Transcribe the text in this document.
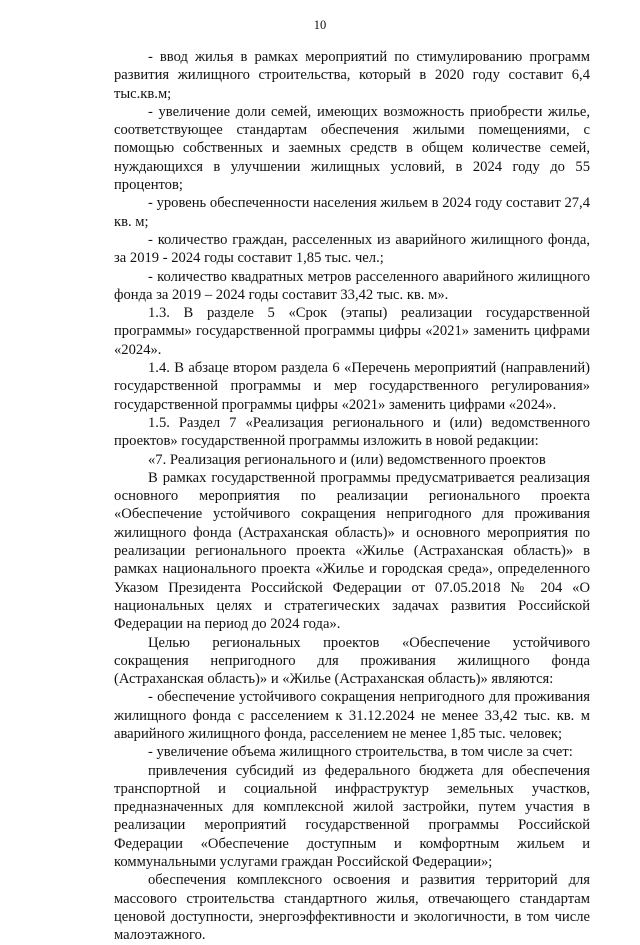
10

- ввод жилья в рамках мероприятий по стимулированию программ развития жилищного строительства, который в 2020 году составит 6,4 тыс.кв.м;

- увеличение доли семей, имеющих возможность приобрести жилье, соответствующее стандартам обеспечения жилыми помещениями, с помощью собственных и заемных средств в общем количестве семей, нуждающихся в улучшении жилищных условий, в 2024 году до 55 процентов;

- уровень обеспеченности населения жильем в 2024 году составит 27,4 кв. м;

- количество граждан, расселенных из аварийного жилищного фонда, за 2019 - 2024 годы составит 1,85 тыс. чел.;

- количество квадратных метров расселенного аварийного жилищного фонда за 2019 – 2024 годы составит 33,42 тыс. кв. м».

1.3. В разделе 5 «Срок (этапы) реализации государственной программы» государственной программы цифры «2021» заменить цифрами «2024».

1.4. В абзаце втором раздела 6 «Перечень мероприятий (направлений) государственной программы и мер государственного регулирования» государственной программы цифры «2021» заменить цифрами «2024».

1.5. Раздел 7 «Реализация регионального и (или) ведомственного проектов» государственной программы изложить в новой редакции:

«7. Реализация регионального и (или) ведомственного проектов

В рамках государственной программы предусматривается реализация основного мероприятия по реализации регионального проекта «Обеспечение устойчивого сокращения непригодного для проживания жилищного фонда (Астраханская область)» и основного мероприятия по реализации регионального проекта «Жилье (Астраханская область)» в рамках национального проекта «Жилье и городская среда», определенного Указом Президента Российской Федерации от 07.05.2018 № 204 «О национальных целях и стратегических задачах развития Российской Федерации на период до 2024 года».

Целью региональных проектов «Обеспечение устойчивого сокращения непригодного для проживания жилищного фонда (Астраханская область)» и «Жилье (Астраханская область)» являются:

- обеспечение устойчивого сокращения непригодного для проживания жилищного фонда с расселением к 31.12.2024 не менее 33,42 тыс. кв. м аварийного жилищного фонда, расселением не менее 1,85 тыс. человек;

- увеличение объема жилищного строительства, в том числе за счет:

привлечения субсидий из федерального бюджета для обеспечения транспортной и социальной инфраструктур земельных участков, предназначенных для комплексной жилой застройки, путем участия в реализации мероприятий государственной программы Российской Федерации «Обеспечение доступным и комфортным жильем и коммунальными услугами граждан Российской Федерации»;

обеспечения комплексного освоения и развития территорий для массового строительства стандартного жилья, отвечающего стандартам ценовой доступности, энергоэффективности и экологичности, в том числе малоэтажного.
